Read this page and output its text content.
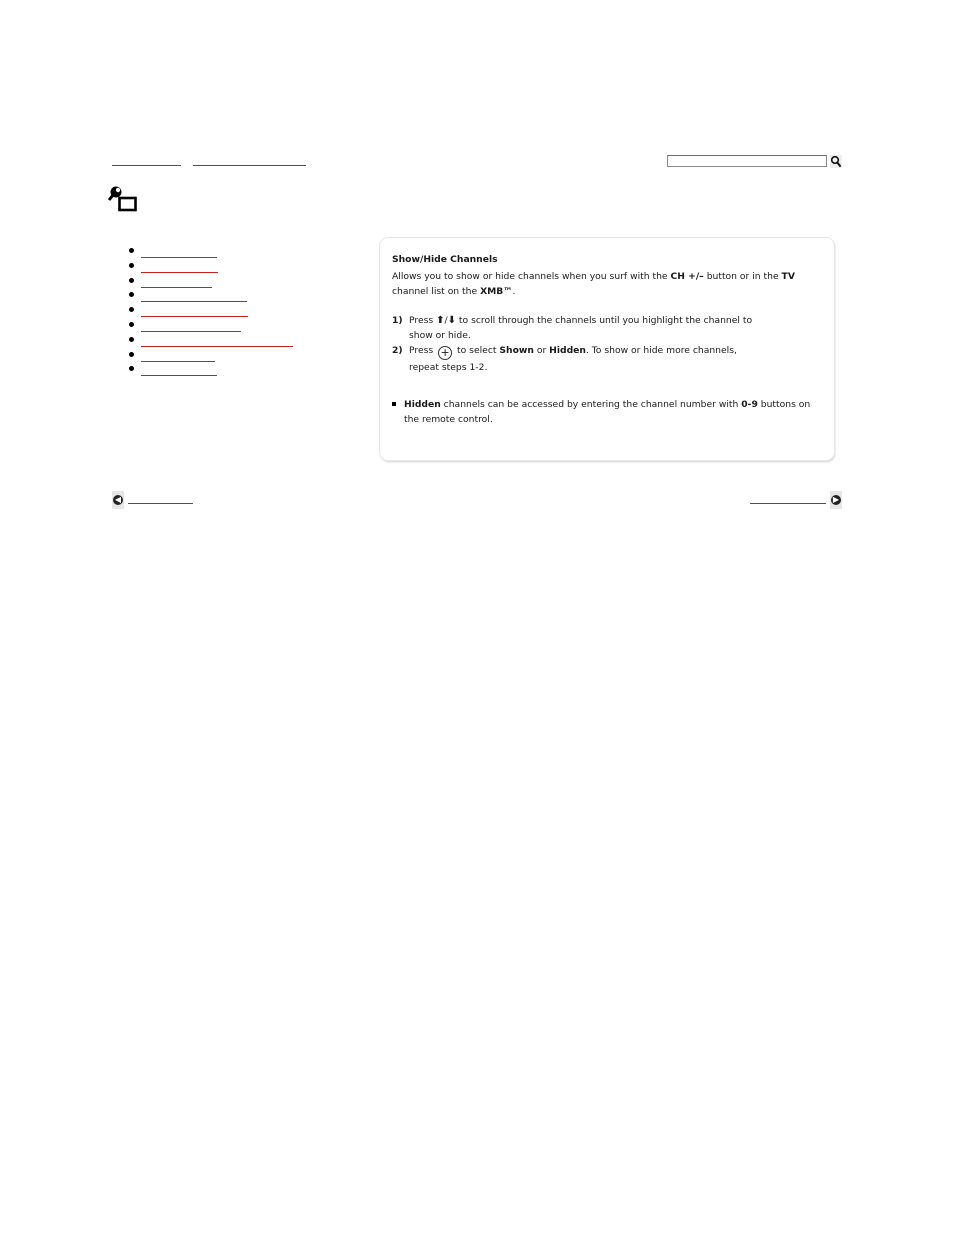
Show/Hide Channels

Allows you to show or hide channels when you surf with the CH +/– button or in the TV
channel list on the XMB™.

1) Press ⬆/⬇ to scroll through the channels until you highlight the channel to
show or hide.
2) Press + to select Shown or Hidden. To show or hide more channels,
repeat steps 1-2.
Hidden channels can be accessed by entering the channel number with 0-9 buttons on
the remote control.
◀	▶
